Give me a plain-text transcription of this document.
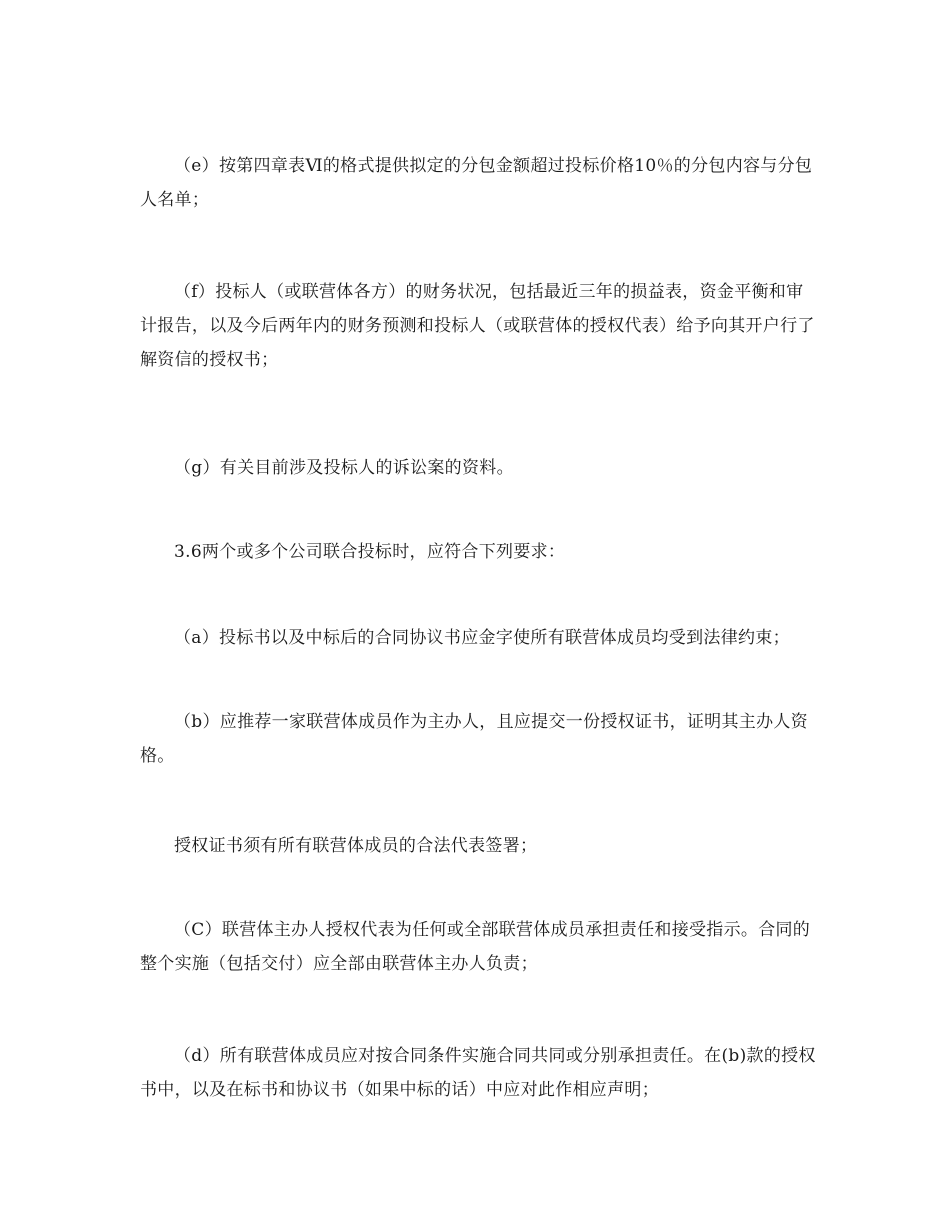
（e）按第四章表Ⅵ的格式提供拟定的分包金额超过投标价格10％的分包内容与分包人名单；

（f）投标人（或联营体各方）的财务状况，包括最近三年的损益表，资金平衡和审计报告，以及今后两年内的财务预测和投标人（或联营体的授权代表）给予向其开户行了解资信的授权书；

（g）有关目前涉及投标人的诉讼案的资料。

3.6两个或多个公司联合投标时，应符合下列要求：

（a）投标书以及中标后的合同协议书应金字使所有联营体成员均受到法律约束；

（b）应推荐一家联营体成员作为主办人，且应提交一份授权证书，证明其主办人资格。

授权证书须有所有联营体成员的合法代表签署；

（C）联营体主办人授权代表为任何或全部联营体成员承担责任和接受指示。合同的整个实施（包括交付）应全部由联营体主办人负责；

（d）所有联营体成员应对按合同条件实施合同共同或分别承担责任。在(b)款的授权书中，以及在标书和协议书（如果中标的话）中应对此作相应声明；
